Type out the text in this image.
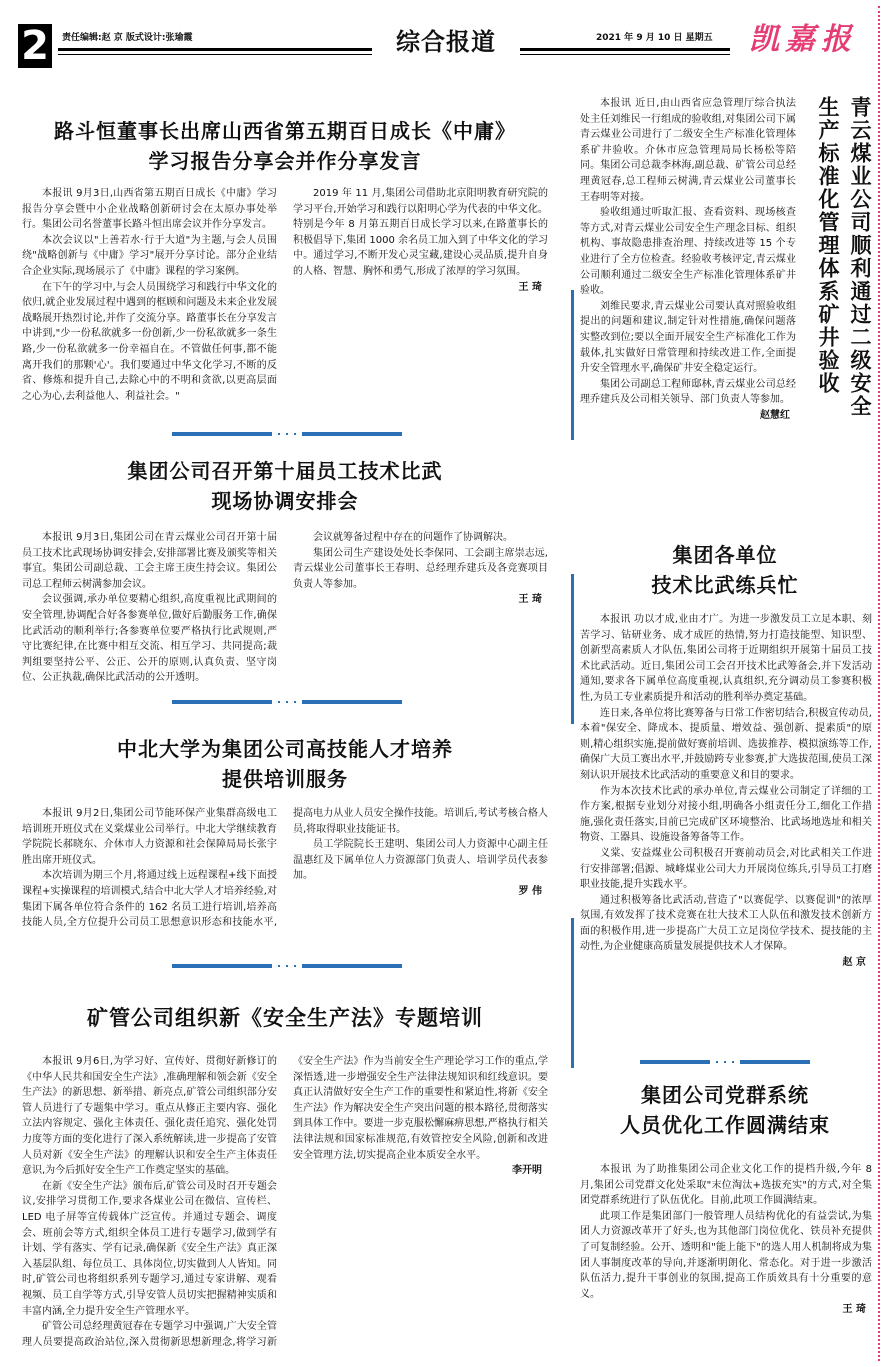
2	责任编辑:赵 京 版式设计:张瑜霞	2021 年 9 月 10 日 星期五
综合报道	凯嘉报
路斗恒董事长出席山西省第五期百日成长《中庸》
学习报告分享会并作分享发言

本报讯 9月3日,山西省第五期百日成长《中庸》学习报告分享会暨中小企业战略创新研讨会在太原办事处举行。集团公司名誉董事长路斗恒出席会议并作分享发言。

本次会议以"上善若水·行于大道"为主题,与会人员围绕"战略创新与《中庸》学习"展开分享讨论。部分企业结合企业实际,现场展示了《中庸》课程的学习案例。

在下午的学习中,与会人员围绕学习和践行中华文化的依归,就企业发展过程中遇到的框顾和问题及未来企业发展战略展开热烈讨论,并作了交流分享。路董事长在分享发言中讲到,"少一份私欲就多一份创新,少一份私欲就多一条生路,少一份私欲就多一份幸福自在。不管做任何事,都不能离开我们的那颗'心'。我们要通过中华文化学习,不断的反省、修炼和提升自己,去除心中的不明和贪欲,以更高层面之心为心,去利益他人、利益社会。"

2019 年 11 月,集团公司借助北京阳明教育研究院的学习平台,开始学习和践行以阳明心学为代表的中华文化。特别是今年 8 月第五期百日成长学习以来,在路董事长的积极倡导下,集团 1000 余名员工加入到了中华文化的学习中。通过学习,不断开发心灵宝藏,建设心灵品质,提升自身的人格、智慧、胸怀和勇气,形成了浓厚的学习氛围。

王 琦
集团公司召开第十届员工技术比武
现场协调安排会

本报讯 9月3日,集团公司在青云煤业公司召开第十届员工技术比武现场协调安排会,安排部署比赛及颁奖等相关事宜。集团公司副总裁、工会主席王庚生持会议。集团公司总工程师云树满参加会议。

会议强调,承办单位要精心组织,高度重视比武期间的安全管理,协调配合好各参赛单位,做好后勤服务工作,确保比武活动的顺利举行;各参赛单位要严格执行比武规则,严守比赛纪律,在比赛中相互交流、相互学习、共同提高;裁判组要坚持公平、公正、公开的原则,认真负责、坚守岗位、公正执裁,确保比武活动的公开透明。

会议就筹备过程中存在的问题作了协调解决。

集团公司生产建设处处长李保同、工会副主席崇志远,青云煤业公司董事长王春明、总经理乔建兵及各竞赛项目负责人等参加。

王 琦
中北大学为集团公司高技能人才培养
提供培训服务

本报讯 9月2日,集团公司节能环保产业集群高级电工培训班开班仪式在义棠煤业公司举行。中北大学继续教育学院院长郝晓东、介休市人力资源和社会保障局局长张宇胜出席开班仪式。

本次培训为期三个月,将通过线上远程课程+线下面授课程+实操课程的培训模式,结合中北大学人才培养经验,对集团下属各单位符合条件的 162 名员工进行培训,培养高技能人员,全方位提升公司员工思想意识形态和技能水平,提高电力从业人员安全操作技能。培训后,考试考核合格人员,将取得职业技能证书。

员工学院院长王建明、集团公司人力资源中心副主任温惠红及下属单位人力资源部门负责人、培训学员代表参加。

罗 伟
矿管公司组织新《安全生产法》专题培训

本报讯 9月6日,为学习好、宣传好、贯彻好新修订的《中华人民共和国安全生产法》,准确理解和领会新《安全生产法》的新思想、新举措、新亮点,矿管公司组织部分安管人员进行了专题集中学习。重点从修正主要内容、强化立法内容规定、强化主体责任、强化责任追究、强化处罚力度等方面的变化进行了深入系统解读,进一步提高了安管人员对新《安全生产法》的理解认识和安全生产主体责任意识,为今后抓好安全生产工作奠定坚实的基础。

在新《安全生产法》颁布后,矿管公司及时召开专题会议,安排学习贯彻工作,要求各煤业公司在微信、宣传栏、LED 电子屏等宣传载体广泛宣传。并通过专题会、调度会、班前会等方式,组织全体员工进行专题学习,做到学有计划、学有落实、学有记录,确保新《安全生产法》真正深入基层队组、每位员工、具体岗位,切实做到人人皆知。同时,矿管公司也将组织系列专题学习,通过专家讲解、观看视频、员工自学等方式,引导安管人员切实把握精神实质和丰富内涵,全力提升安全生产管理水平。

矿管公司总经理黄冠春在专题学习中强调,广大安全管理人员要提高政治站位,深入贯彻新思想新理念,将学习新《安全生产法》作为当前安全生产理论学习工作的重点,学深悟透,进一步增强安全生产法律法规知识和红线意识。要真正认清做好安全生产工作的重要性和紧迫性,将新《安全生产法》作为解决安全生产突出问题的根本路径,贯彻落实到具体工作中。要进一步克服松懈麻痹思想,严格执行相关法律法规和国家标准规范,有效管控安全风险,创新和改进安全管理方法,切实提高企业本质安全水平。

李开明

本报讯 近日,由山西省应急管理厅综合执法处主任刘维民一行组成的验收组,对集团公司下属青云煤业公司进行了二级安全生产标准化管理体系矿井验收。介休市应急管理局局长杨松等陪同。集团公司总裁李林海,副总裁、矿管公司总经理黄冠春,总工程师云树满,青云煤业公司董事长王春明等对接。

验收组通过听取汇报、查看资料、现场核查等方式,对青云煤业公司安全生产理念目标、组织机构、事故隐患排查治理、持续改进等 15 个专业进行了全方位检查。经验收考核评定,青云煤业公司顺利通过二级安全生产标准化管理体系矿井验收。

刘维民要求,青云煤业公司要认真对照验收组提出的问题和建议,制定针对性措施,确保问题落实整改到位;要以全面开展安全生产标准化工作为载体,扎实做好日常管理和持续改进工作,全面提升安全管理水平,确保矿井安全稳定运行。

集团公司副总工程师邸林,青云煤业公司总经理乔建兵及公司相关领导、部门负责人等参加。

赵慧红	青云煤业公司顺利通过二级安全
生产标准化管理体系矿井验收
集团各单位
技术比武练兵忙

本报讯 功以才成,业由才广。为进一步激发员工立足本职、刻苦学习、钻研业务、成才成匠的热情,努力打造技能型、知识型、创新型高素质人才队伍,集团公司将于近期组织开展第十届员工技术比武活动。近日,集团公司工会召开技术比武筹备会,并下发活动通知,要求各下属单位高度重视,认真组织,充分调动员工参赛积极性,为员工专业素质提升和活动的胜利举办奠定基础。

连日来,各单位将比赛筹备与日常工作密切结合,积极宣传动员,本着"保安全、降成本、提质量、增效益、强创新、提素质"的原则,精心组织实施,提前做好赛前培训、选拔推荐、模拟演练等工作,确保广大员工赛出水平,并鼓励跨专业参赛,扩大选拔范围,使员工深刻认识开展技术比武活动的重要意义和目的要求。

作为本次技术比武的承办单位,青云煤业公司制定了详细的工作方案,根据专业划分对接小组,明确各小组责任分工,细化工作措施,强化责任落实,目前已完成矿区环境整治、比武场地选址和相关物资、工器具、设施设备筹备等工作。

义棠、安益煤业公司积极召开赛前动员会,对比武相关工作进行安排部署;倡源、城峰煤业公司大力开展岗位练兵,引导员工打磨职业技能,提升实践水平。

通过积极筹备比武活动,营造了"以赛促学、以赛促训"的浓厚氛围,有效发挥了技术竞赛在壮大技术工人队伍和激发技术创新方面的积极作用,进一步提高广大员工立足岗位学技术、提技能的主动性,为企业健康高质量发展提供技术人才保障。

赵 京
集团公司党群系统
人员优化工作圆满结束

本报讯 为了助推集团公司企业文化工作的提档升级,今年 8 月,集团公司党群文化处采取"末位淘汰+选拔充实"的方式,对全集团党群系统进行了队伍优化。目前,此项工作圆满结束。

此项工作是集团部门一般管理人员结构优化的有益尝试,为集团人力资源改革开了好头,也为其他部门岗位优化、铁员补充提供了可复制经验。公开、透明和"能上能下"的选人用人机制将成为集团人事制度改革的导向,并逐渐明朗化、常态化。对于进一步激活队伍活力,提升干事创业的氛围,提高工作质效具有十分重要的意义。

王 琦
